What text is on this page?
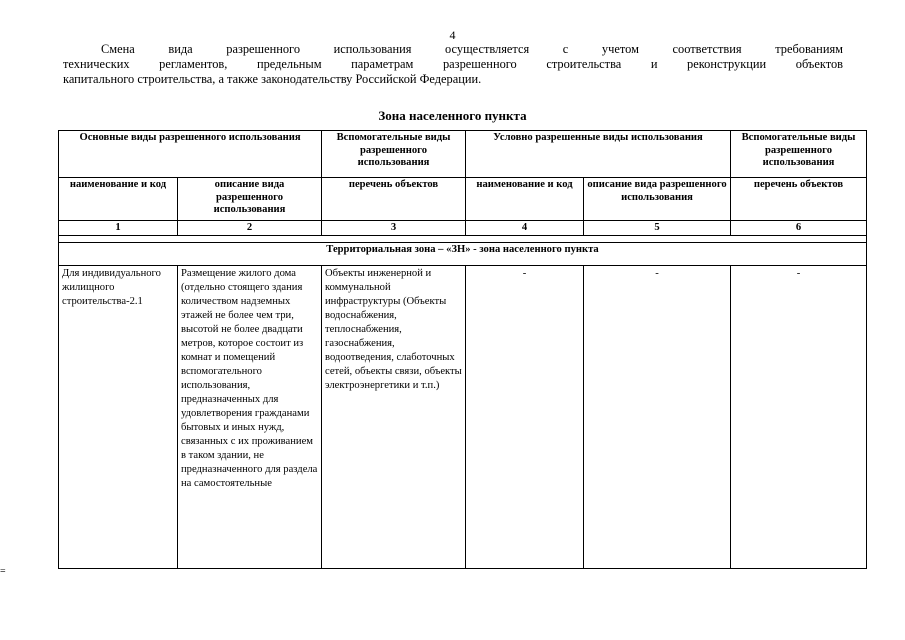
4
Смена вида разрешенного использования осуществляется с учетом соответствия требованиям
технических регламентов, предельным параметрам разрешенного строительства и реконструкции объектов
капитального строительства, а также законодательству Российской Федерации.
Зона населенного пункта
Основные виды разрешенного использования		Вспомогательные виды разрешенного использования	Условно разрешенные виды использования		Вспомогательные виды разрешенного использования
наименование и код	описание вида разрешенного использования	перечень объектов	наименование и код	описание вида разрешенного использования	перечень объектов
1	2	3	4	5	6

Территориальная зона – «ЗН» - зона населенного пункта					
Для индивидуального жилищного строительства-2.1	Размещение жилого дома (отдельно стоящего здания количеством надземных этажей не более чем три, высотой не более двадцати метров, которое состоит из комнат и помещений вспомогательного использования, предназначенных для удовлетворения гражданами бытовых и иных нужд, связанных с их проживанием в таком здании, не предназначенного для раздела на самостоятельные	Объекты инженерной и коммунальной инфраструктуры (Объекты водоснабжения, теплоснабжения, газоснабжения, водоотведения, слаботочных сетей, объекты связи, объекты электроэнергетики и т.п.)	-	-	-
=
